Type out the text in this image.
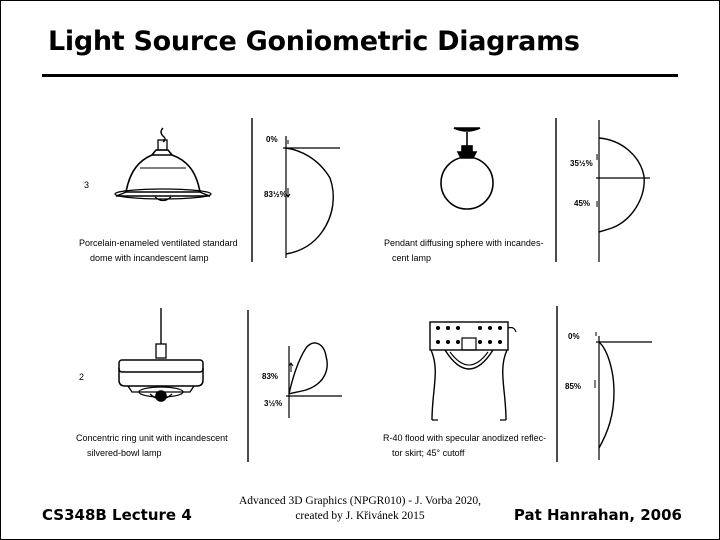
Light Source Goniometric Diagrams
3
Porcelain-enameled ventilated standard
dome with incandescent lamp
0%
83½%
Pendant diffusing sphere with incandes-
cent lamp
35½%
45%
2
Concentric ring unit with incandescent
silvered-bowl lamp
83%
3½%
R-40 flood with specular anodized reflec-
tor skirt; 45° cutoff
0%
85%
CS348B Lecture 4
Advanced 3D Graphics (NPGR010) - J. Vorba 2020,
created by J. Křivánek 2015	Pat Hanrahan, 2006
